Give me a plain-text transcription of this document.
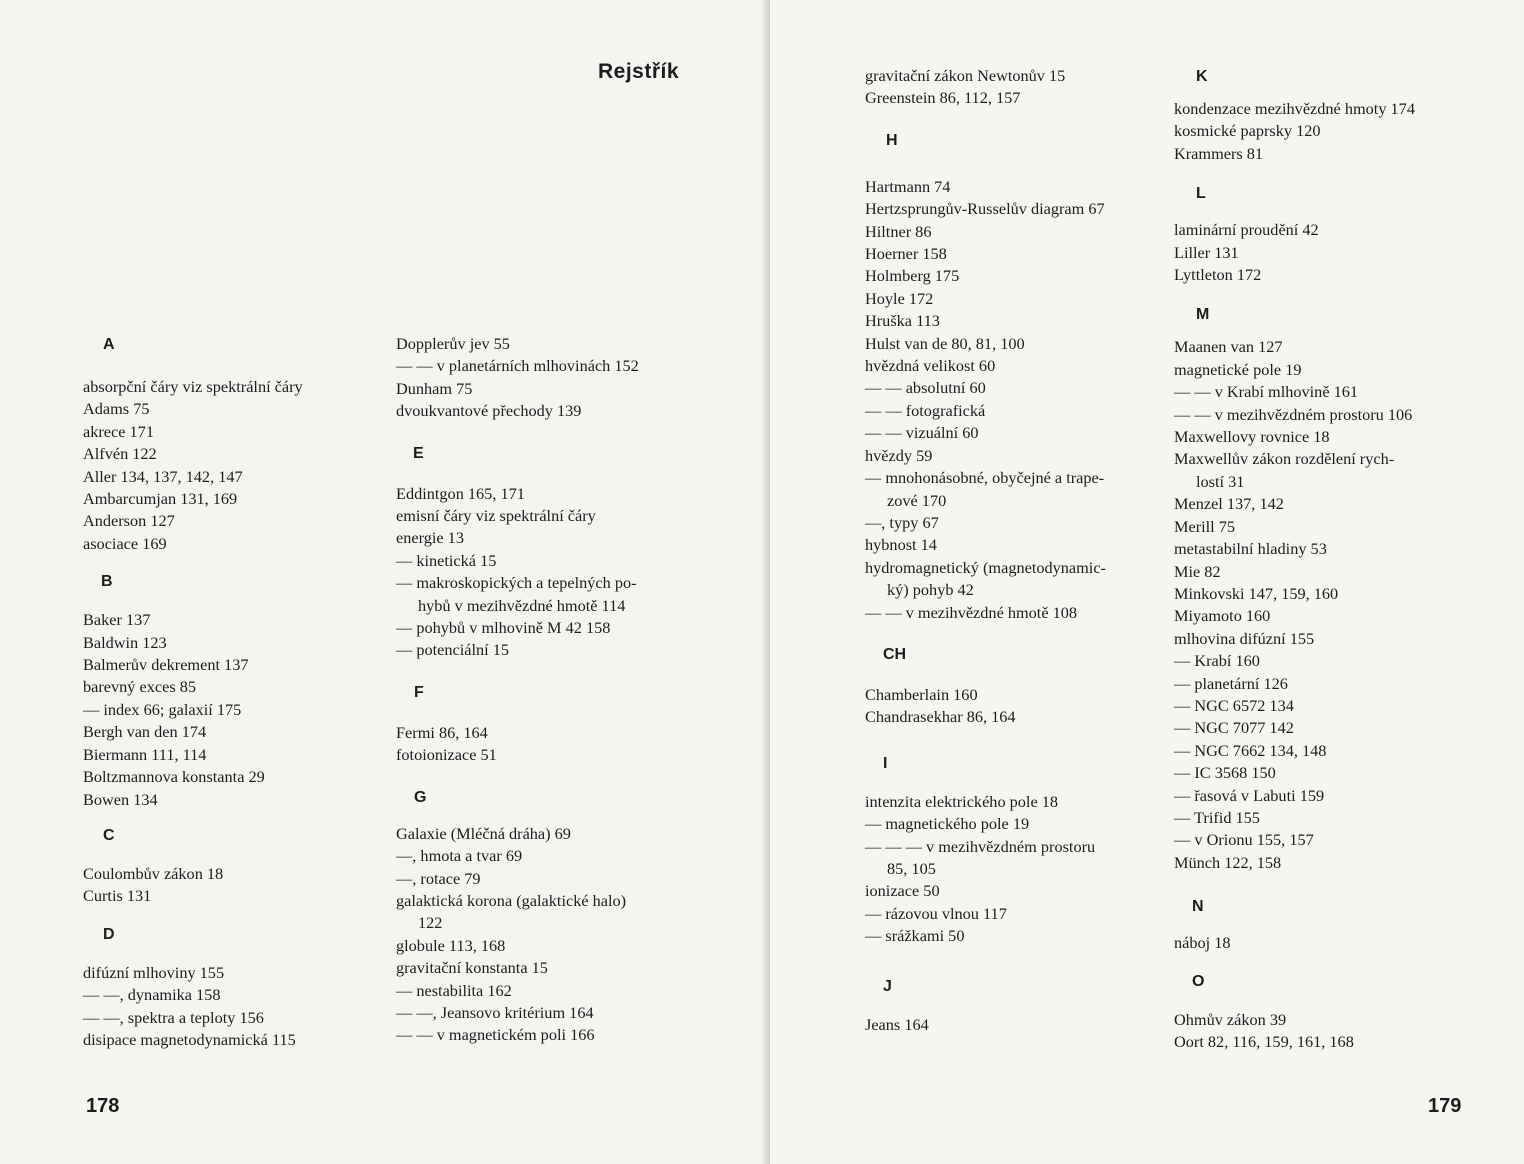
Rejstřík
A
absorpční čáry viz spektrální čáry
Adams 75
akrece 171
Alfvén 122
Aller 134, 137, 142, 147
Ambarcumjan 131, 169
Anderson 127
asociace 169
B
Baker 137
Baldwin 123
Balmerův dekrement 137
barevný exces 85
— index 66; galaxií 175
Bergh van den 174
Biermann 111, 114
Boltzmannova konstanta 29
Bowen 134
C
Coulombův zákon 18
Curtis 131
D
difúzní mlhoviny 155
— —, dynamika 158
— —, spektra a teploty 156
disipace magnetodynamická 115
Dopplerův jev 55
— — v planetárních mlhovinách 152
Dunham 75
dvoukvantové přechody 139
E
Eddintgon 165, 171
emisní čáry viz spektrální čáry
energie 13
— kinetická 15
— makroskopických a tepelných po-
hybů v mezihvězdné hmotě 114
— pohybů v mlhovině M 42 158
— potenciální 15
F
Fermi 86, 164
fotoionizace 51
G
Galaxie (Mléčná dráha) 69
—, hmota a tvar 69
—, rotace 79
galaktická korona (galaktické halo)
122
globule 113, 168
gravitační konstanta 15
— nestabilita 162
— —, Jeansovo kritérium 164
— — v magnetickém poli 166
178
gravitační zákon Newtonův 15
Greenstein 86, 112, 157
H
Hartmann 74
Hertzsprungův-Russelův diagram 67
Hiltner 86
Hoerner 158
Holmberg 175
Hoyle 172
Hruška 113
Hulst van de 80, 81, 100
hvězdná velikost 60
— — absolutní 60
— — fotografická
— — vizuální 60
hvězdy 59
— mnohonásobné, obyčejné a trape-
zové 170
—, typy 67
hybnost 14
hydromagnetický (magnetodynamic-
ký) pohyb 42
— — v mezihvězdné hmotě 108
CH
Chamberlain 160
Chandrasekhar 86, 164
I
intenzita elektrického pole 18
— magnetického pole 19
— — — v mezihvězdném prostoru
85, 105
ionizace 50
— rázovou vlnou 117
— srážkami 50
J
Jeans 164
K
kondenzace mezihvězdné hmoty 174
kosmické paprsky 120
Krammers 81
L
laminární proudění 42
Liller 131
Lyttleton 172
M
Maanen van 127
magnetické pole 19
— — v Krabí mlhovině 161
— — v mezihvězdném prostoru 106
Maxwellovy rovnice 18
Maxwellův zákon rozdělení rych-
lostí 31
Menzel 137, 142
Merill 75
metastabilní hladiny 53
Mie 82
Minkovski 147, 159, 160
Miyamoto 160
mlhovina difúzní 155
— Krabí 160
— planetární 126
— NGC 6572 134
— NGC 7077 142
— NGC 7662 134, 148
— IC 3568 150
— řasová v Labuti 159
— Trifid 155
— v Orionu 155, 157
Münch 122, 158
N
náboj 18
O
Ohmův zákon 39
Oort 82, 116, 159, 161, 168
179
